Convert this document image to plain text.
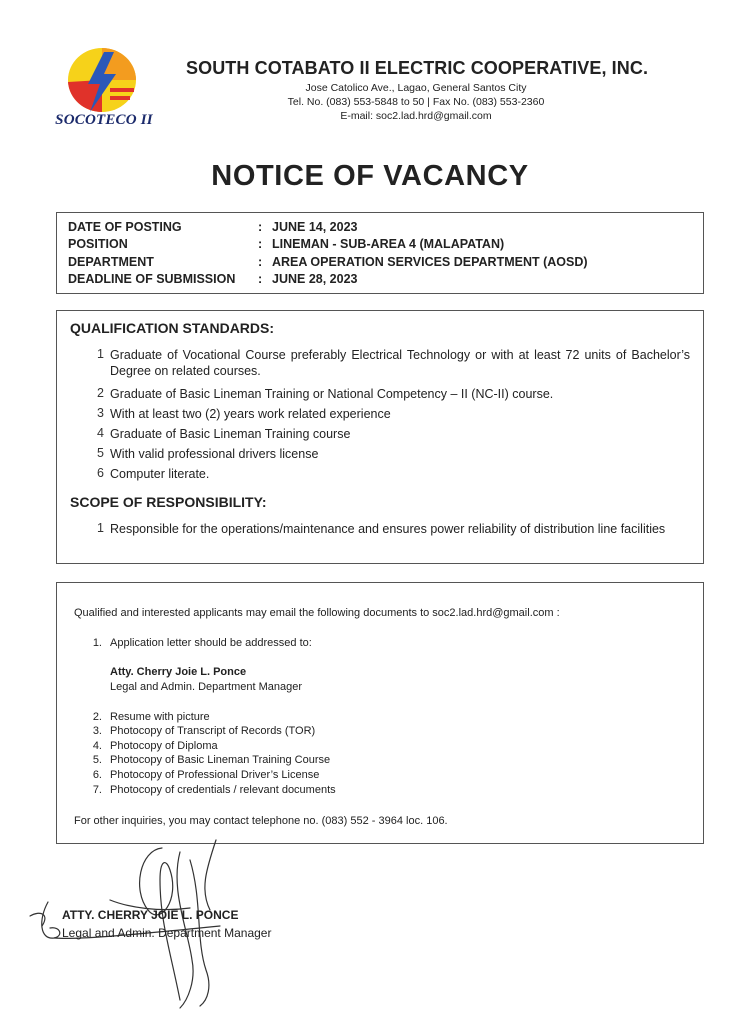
SOCOTECO II
SOUTH COTABATO II ELECTRIC COOPERATIVE, INC.
Jose Catolico Ave., Lagao, General Santos City
Tel. No. (083) 553-5848 to 50 | Fax No. (083) 553-2360
E-mail: soc2.lad.hrd@gmail.com
NOTICE OF VACANCY
DATE OF POSTING	: JUNE 14, 2023
POSITION	: LINEMAN - SUB-AREA 4 (MALAPATAN)
DEPARTMENT	: AREA OPERATION SERVICES DEPARTMENT (AOSD)
DEADLINE OF SUBMISSION : JUNE 28, 2023
QUALIFICATION STANDARDS:
1 Graduate of Vocational Course preferably Electrical Technology or with at least 72 units of Bachelor’s Degree on related courses.
2 Graduate of Basic Lineman Training or National Competency – II (NC-II) course.
3 With at least two (2) years work related experience
4 Graduate of Basic Lineman Training course
5 With valid professional drivers license
6 Computer literate.
SCOPE OF RESPONSIBILITY:
1 Responsible for the operations/maintenance and ensures power reliability of distribution line facilities
Qualified and interested applicants may email the following documents to soc2.lad.hrd@gmail.com :
1. Application letter should be addressed to:
Atty. Cherry Joie L. Ponce
Legal and Admin. Department Manager
2. Resume with picture
3. Photocopy of Transcript of Records (TOR)
4. Photocopy of Diploma
5. Photocopy of Basic Lineman Training Course
6. Photocopy of Professional Driver’s License
7. Photocopy of credentials / relevant documents
For other inquiries, you may contact telephone no. (083) 552 - 3964 loc. 106.
ATTY. CHERRY JOIE L. PONCE
Legal and Admin. Department Manager
